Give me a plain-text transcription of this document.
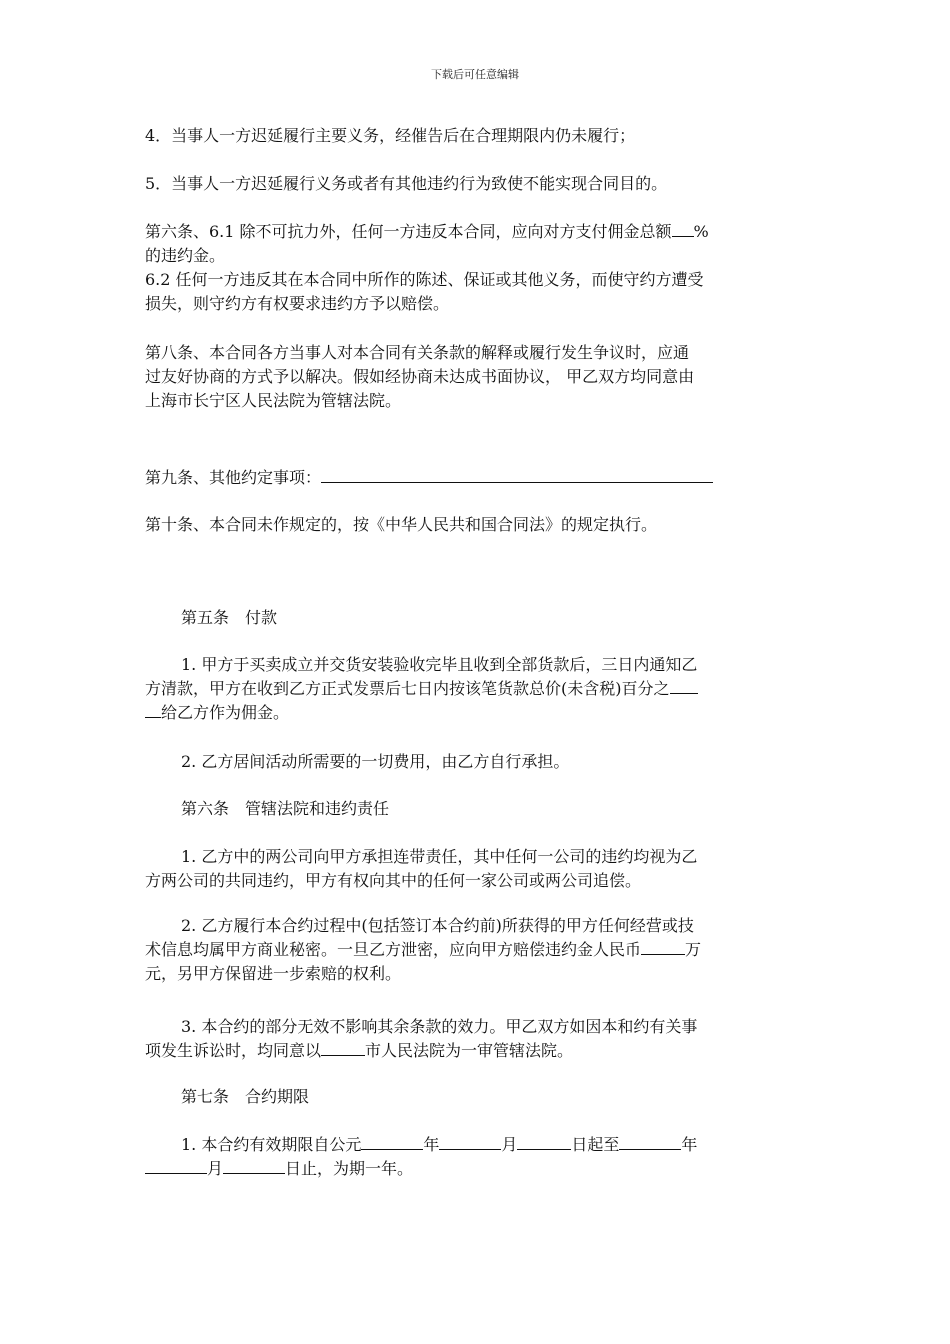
下载后可任意编辑
4．当事人一方迟延履行主要义务，经催告后在合理期限内仍未履行；
5．当事人一方迟延履行义务或者有其他违约行为致使不能实现合同目的。
第六条、6.1 除不可抗力外，任何一方违反本合同，应向对方支付佣金总额 %
的违约金。
6.2 任何一方违反其在本合同中所作的陈述、保证或其他义务，而使守约方遭受
损失，则守约方有权要求违约方予以赔偿。
第八条、本合同各方当事人对本合同有关条款的解释或履行发生争议时，应通
过友好协商的方式予以解决。假如经协商未达成书面协议， 甲乙双方均同意由
上海市长宁区人民法院为管辖法院。
第九条、其他约定事项：
第十条、本合同未作规定的，按《中华人民共和国合同法》的规定执行。
第五条　付款
1. 甲方于买卖成立并交货安装验收完毕且收到全部货款后，三日内通知乙
方清款，甲方在收到乙方正式发票后七日内按该笔货款总价(未含税)百分之
给乙方作为佣金。
2. 乙方居间活动所需要的一切费用，由乙方自行承担。
第六条　管辖法院和违约责任
1. 乙方中的两公司向甲方承担连带责任，其中任何一公司的违约均视为乙
方两公司的共同违约，甲方有权向其中的任何一家公司或两公司追偿。
2. 乙方履行本合约过程中(包括签订本合约前)所获得的甲方任何经营或技
术信息均属甲方商业秘密。一旦乙方泄密，应向甲方赔偿违约金人民币	万
元，另甲方保留进一步索赔的权利。
3. 本合约的部分无效不影响其余条款的效力。甲乙双方如因本和约有关事
项发生诉讼时，均同意以	市人民法院为一审管辖法院。
第七条　合约期限
1. 本合约有效期限自公元	年	月	日起至	年
月	日止，为期一年。
